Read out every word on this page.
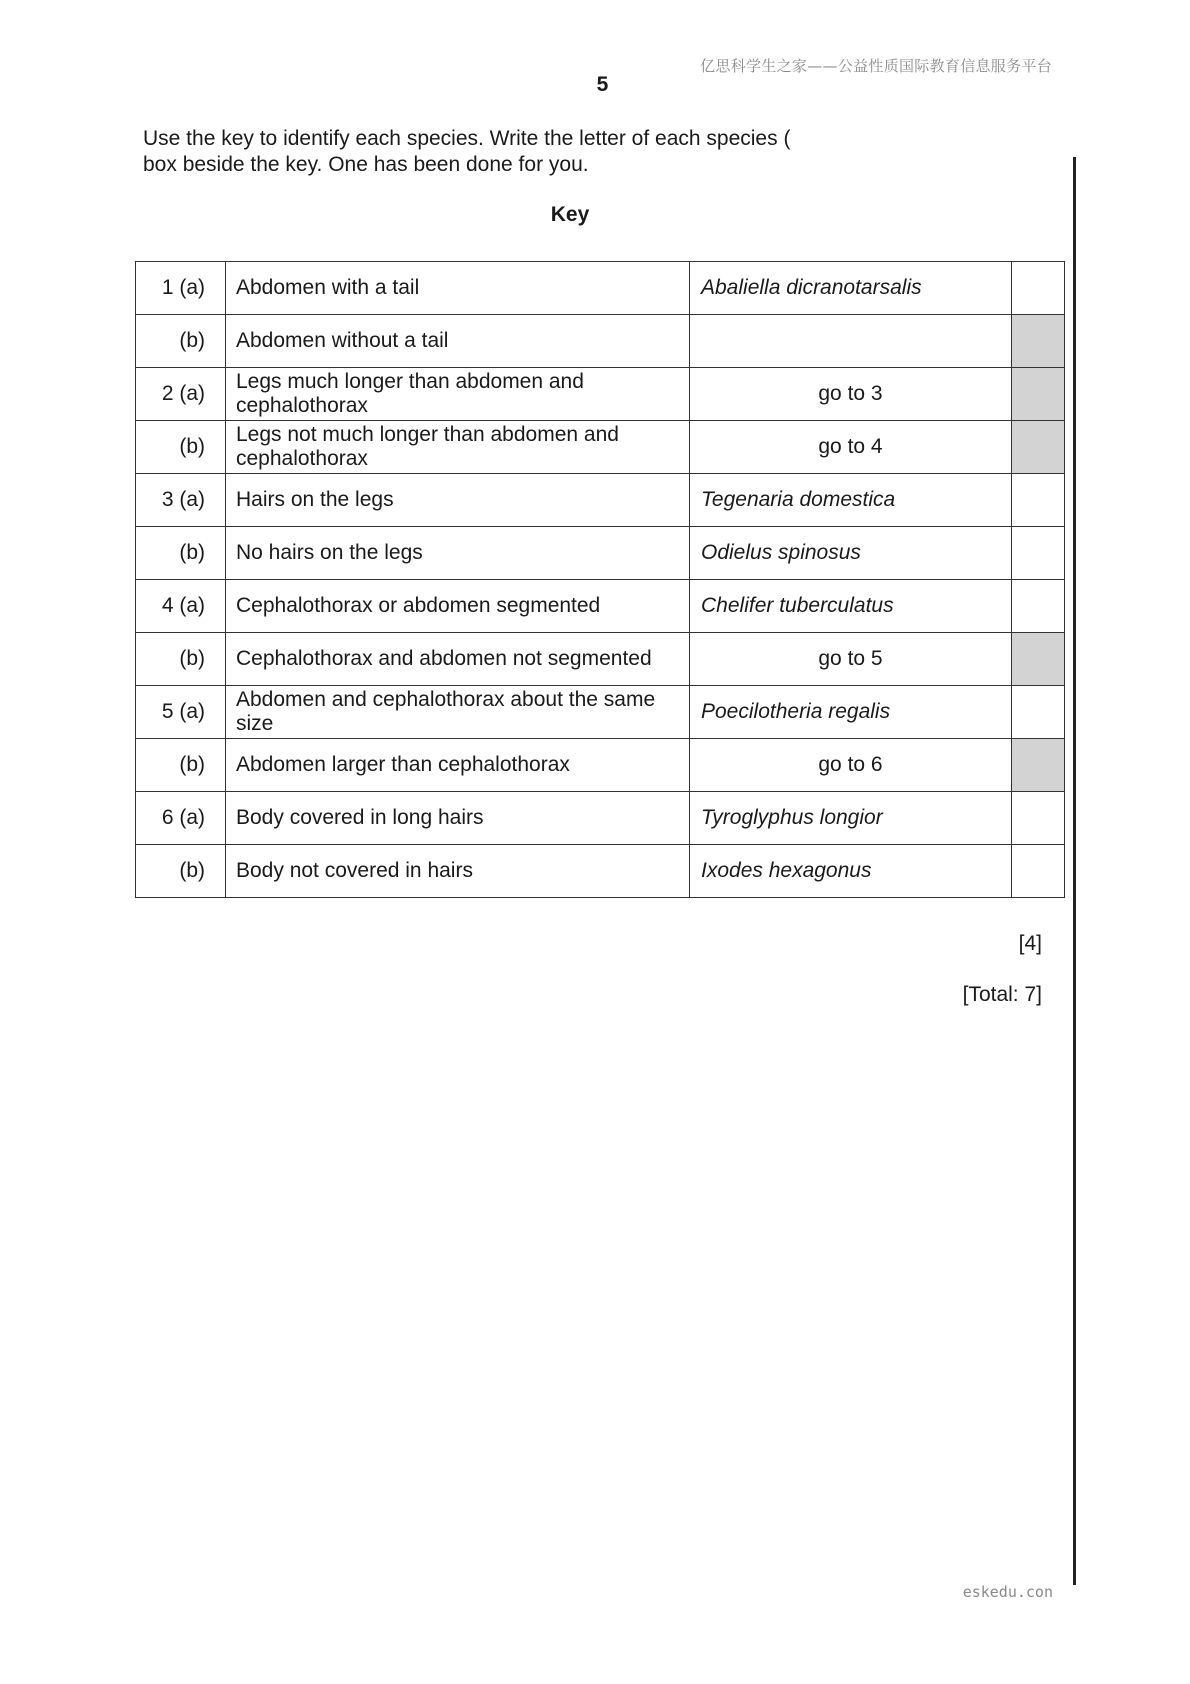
亿思科学生之家——公益性质国际教育信息服务平台
5
Use the key to identify each species. Write the letter of each species (
box beside the key. One has been done for you.
Key
1 (a)	Abdomen with a tail	Abaliella dicranotarsalis	
(b)	Abdomen without a tail		
2 (a)	Legs much longer than abdomen and cephalothorax	go to 3	
(b)	Legs not much longer than abdomen and cephalothorax	go to 4	
3 (a)	Hairs on the legs	Tegenaria domestica	
(b)	No hairs on the legs	Odielus spinosus	
4 (a)	Cephalothorax or abdomen segmented	Chelifer tuberculatus	
(b)	Cephalothorax and abdomen not segmented	go to 5	
5 (a)	Abdomen and cephalothorax about the same size	Poecilotheria regalis	
(b)	Abdomen larger than cephalothorax	go to 6	
6 (a)	Body covered in long hairs	Tyroglyphus longior	
(b)	Body not covered in hairs	Ixodes hexagonus	
[4]
[Total: 7]
eskedu.con
